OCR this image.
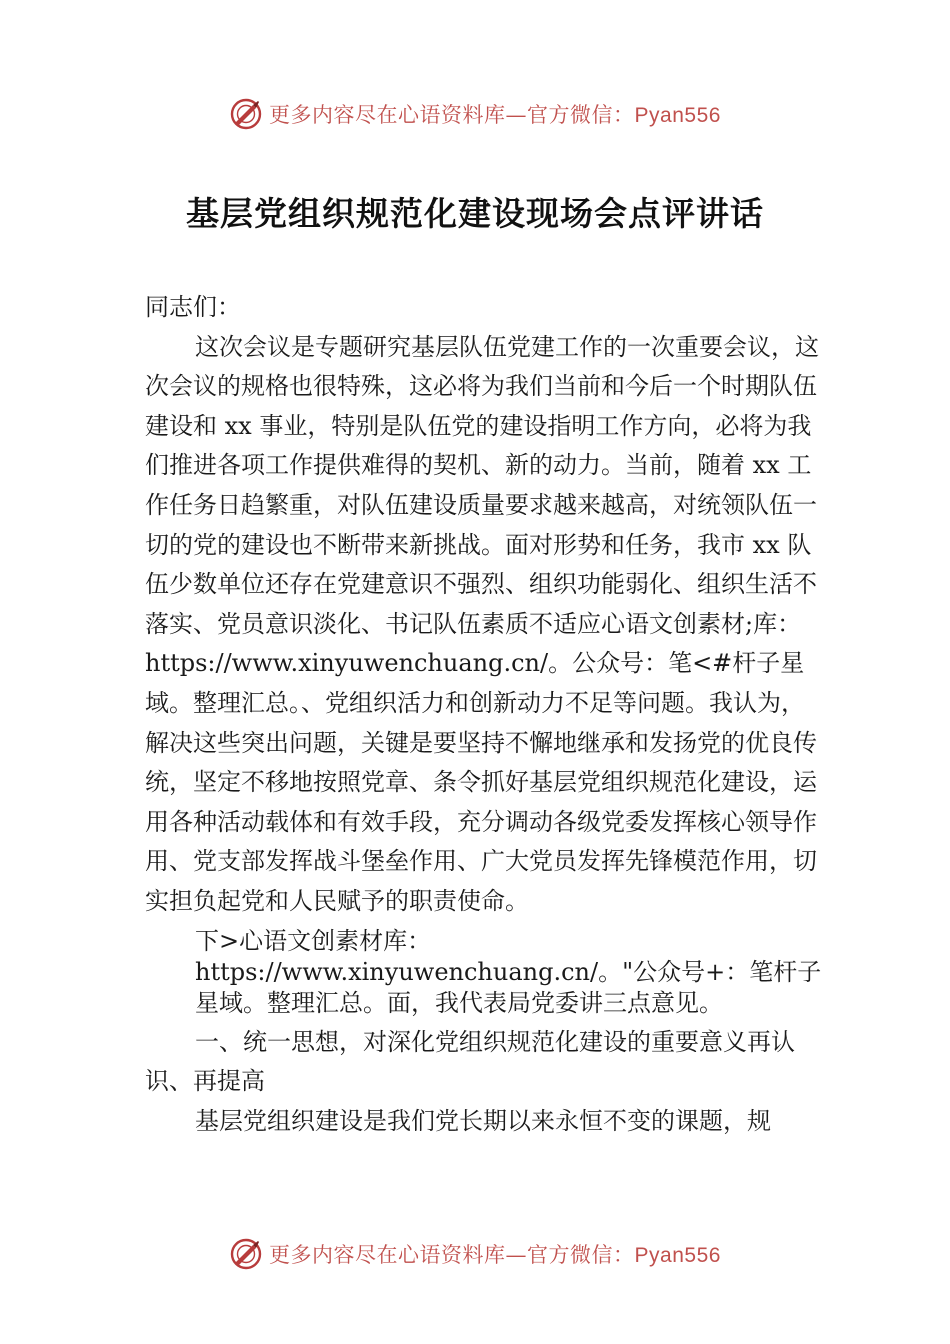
更多内容尽在心语资料库—官方微信：Pyan556
基层党组织规范化建设现场会点评讲话

同志们：

这次会议是专题研究基层队伍党建工作的一次重要会议，这次会议的规格也很特殊，这必将为我们当前和今后一个时期队伍建设和 xx 事业，特别是队伍党的建设指明工作方向，必将为我们推进各项工作提供难得的契机、新的动力。当前，随着 xx 工作任务日趋繁重，对队伍建设质量要求越来越高，对统领队伍一切的党的建设也不断带来新挑战。面对形势和任务，我市 xx 队伍少数单位还存在党建意识不强烈、组织功能弱化、组织生活不落实、党员意识淡化、书记队伍素质不适应心语文创素材;库：https://www.xinyuwenchuang.cn/。公众号：笔<#杆子星域。整理汇总。、党组织活力和创新动力不足等问题。我认为， 解决这些突出问题，关键是要坚持不懈地继承和发扬党的优良传统，坚定不移地按照党章、条令抓好基层党组织规范化建设，运用各种活动载体和有效手段，充分调动各级党委发挥核心领导作用、党支部发挥战斗堡垒作用、广大党员发挥先锋模范作用，切实担负起党和人民赋予的职责使命。

下>心语文创素材库：https://www.xinyuwenchuang.cn/。"公众号+：笔杆子星域。整理汇总。面，我代表局党委讲三点意见。

一、统一思想，对深化党组织规范化建设的重要意义再认识、再提高

基层党组织建设是我们党长期以来永恒不变的课题，规

更多内容尽在心语资料库—官方微信：Pyan556
